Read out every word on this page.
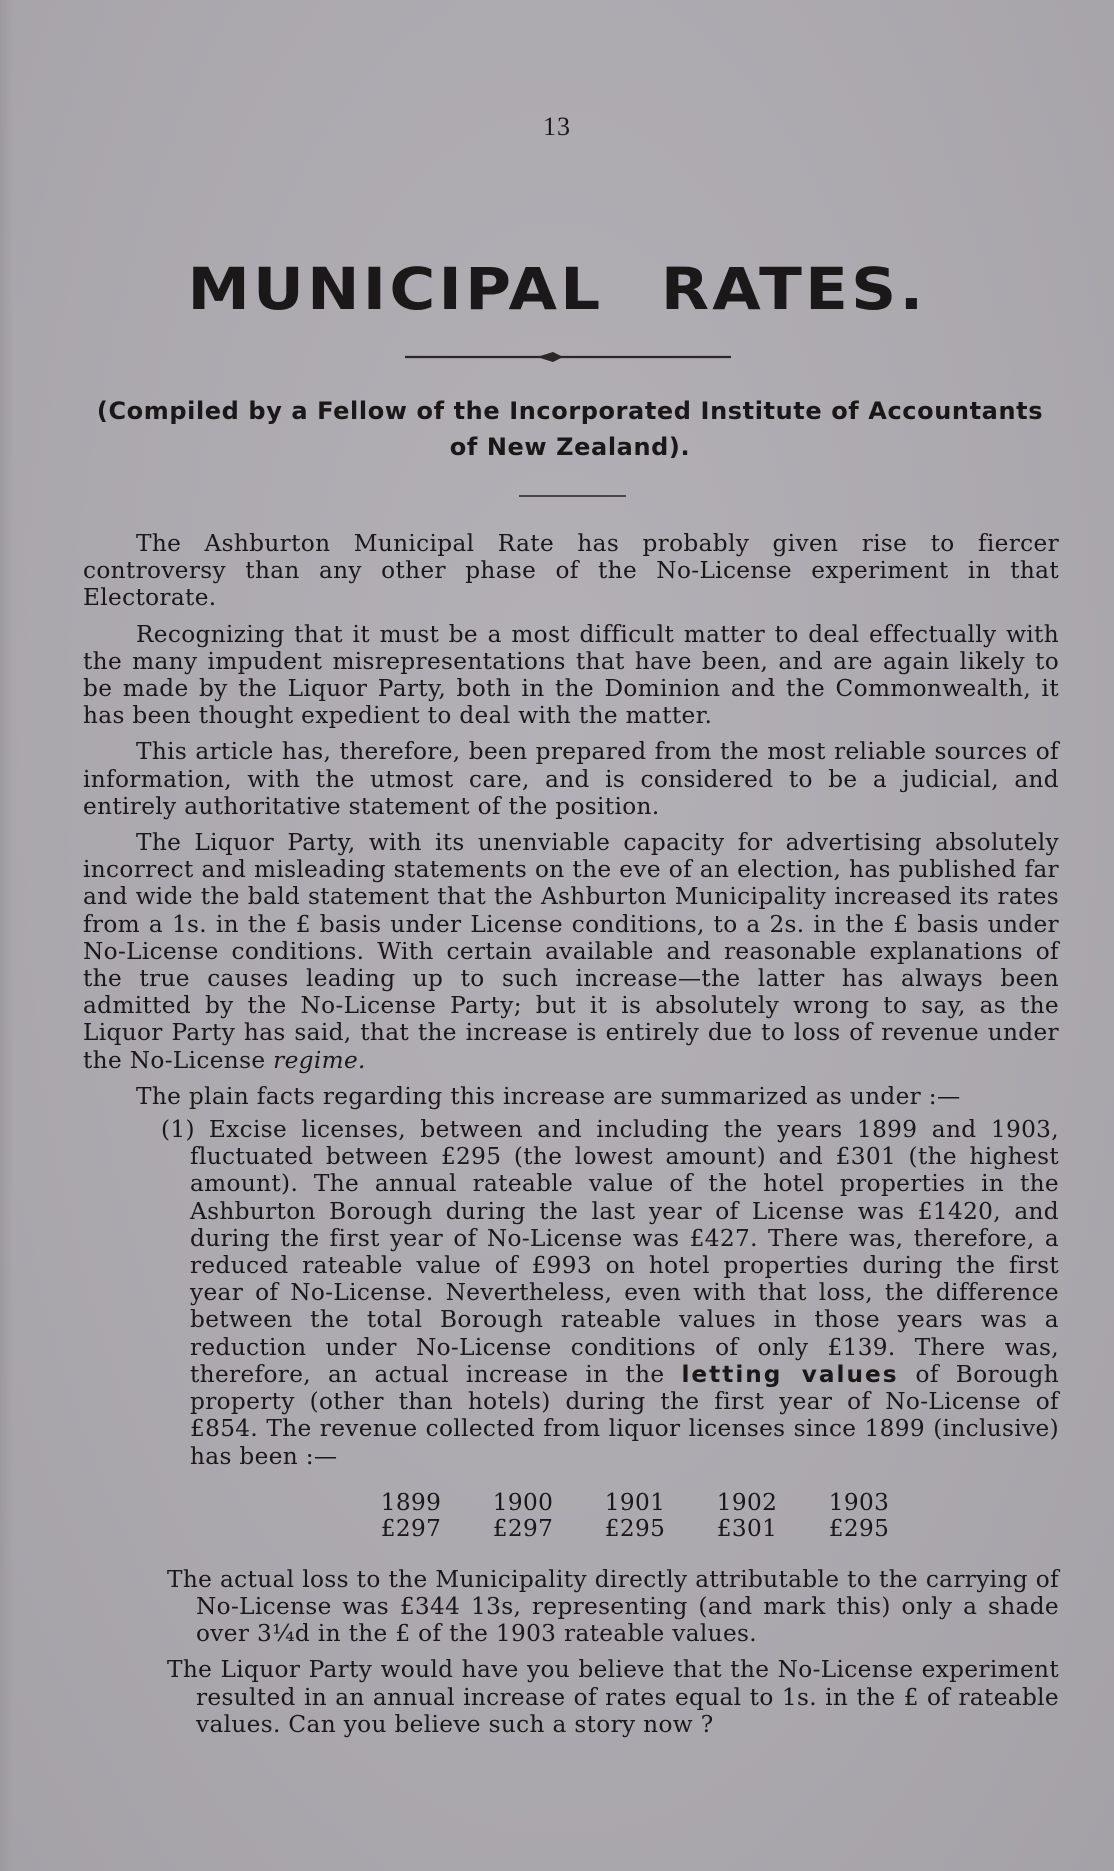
13
MUNICIPAL RATES.
(Compiled by a Fellow of the Incorporated Institute of Accountants of New Zealand).

The Ashburton Municipal Rate has probably given rise to fiercer controversy than any other phase of the No-License experiment in that Electorate.

Recognizing that it must be a most difficult matter to deal effectually with the many impudent misrepresentations that have been, and are again likely to be made by the Liquor Party, both in the Dominion and the Commonwealth, it has been thought expedient to deal with the matter.

This article has, therefore, been prepared from the most reliable sources of information, with the utmost care, and is considered to be a judicial, and entirely authoritative statement of the position.

The Liquor Party, with its unenviable capacity for advertising absolutely incorrect and misleading statements on the eve of an election, has published far and wide the bald statement that the Ashburton Municipality increased its rates from a 1s. in the £ basis under License conditions, to a 2s. in the £ basis under No-License conditions. With certain available and reasonable explanations of the true causes leading up to such increase—the latter has always been admitted by the No-License Party; but it is absolutely wrong to say, as the Liquor Party has said, that the increase is entirely due to loss of revenue under the No-License regime.

The plain facts regarding this increase are summarized as under :—

(1) Excise licenses, between and including the years 1899 and 1903, fluctuated between £295 (the lowest amount) and £301 (the highest amount). The annual rateable value of the hotel properties in the Ashburton Borough during the last year of License was £1420, and during the first year of No-License was £427. There was, therefore, a reduced rateable value of £993 on hotel properties during the first year of No-License. Nevertheless, even with that loss, the difference between the total Borough rateable values in those years was a reduction under No-License conditions of only £139. There was, therefore, an actual increase in the letting values of Borough property (other than hotels) during the first year of No-License of £854. The revenue collected from liquor licenses since 1899 (inclusive) has been :—
1899	1900	1901	1902	1903
£297	£297	£295	£301	£295
The actual loss to the Municipality directly attributable to the carrying of No-License was £344 13s, representing (and mark this) only a shade over 3¼d in the £ of the 1903 rateable values.
The Liquor Party would have you believe that the No-License experiment resulted in an annual increase of rates equal to 1s. in the £ of rateable values. Can you believe such a story now ?
